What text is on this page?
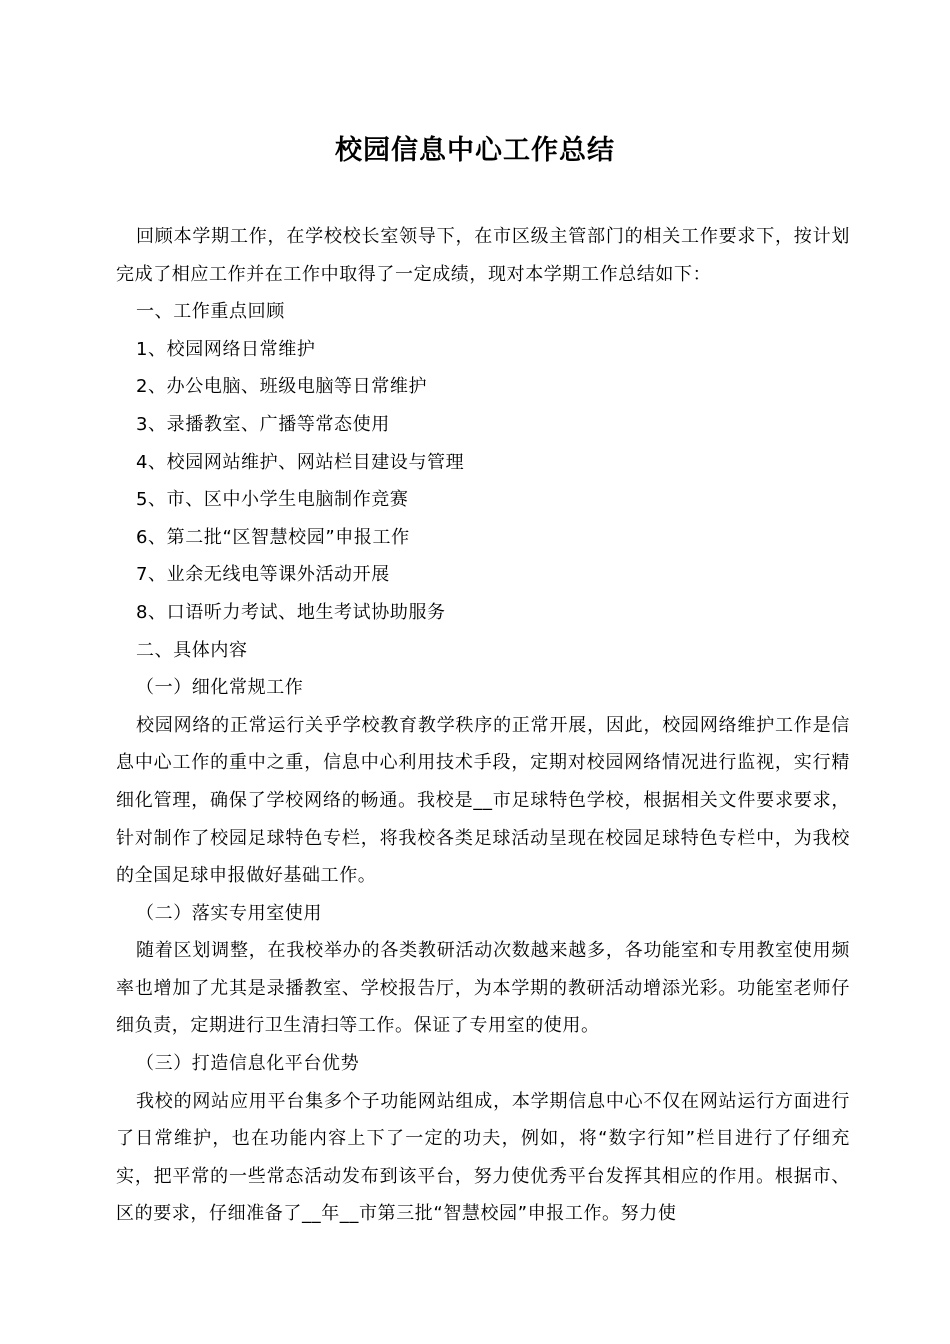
校园信息中心工作总结

回顾本学期工作，在学校校长室领导下，在市区级主管部门的相关工作要求下，按计划完成了相应工作并在工作中取得了一定成绩，现对本学期工作总结如下：

一、工作重点回顾

1、校园网络日常维护

2、办公电脑、班级电脑等日常维护

3、录播教室、广播等常态使用

4、校园网站维护、网站栏目建设与管理

5、市、区中小学生电脑制作竞赛

6、第二批“区智慧校园”申报工作

7、业余无线电等课外活动开展

8、口语听力考试、地生考试协助服务

二、具体内容

（一）细化常规工作

校园网络的正常运行关乎学校教育教学秩序的正常开展，因此，校园网络维护工作是信息中心工作的重中之重，信息中心利用技术手段，定期对校园网络情况进行监视，实行精细化管理，确保了学校网络的畅通。我校是__市足球特色学校，根据相关文件要求要求，针对制作了校园足球特色专栏，将我校各类足球活动呈现在校园足球特色专栏中，为我校的全国足球申报做好基础工作。

（二）落实专用室使用

随着区划调整，在我校举办的各类教研活动次数越来越多，各功能室和专用教室使用频率也增加了尤其是录播教室、学校报告厅，为本学期的教研活动增添光彩。功能室老师仔细负责，定期进行卫生清扫等工作。保证了专用室的使用。

（三）打造信息化平台优势

我校的网站应用平台集多个子功能网站组成，本学期信息中心不仅在网站运行方面进行了日常维护，也在功能内容上下了一定的功夫，例如，将“数字行知”栏目进行了仔细充实，把平常的一些常态活动发布到该平台，努力使优秀平台发挥其相应的作用。根据市、区的要求，仔细准备了__年__市第三批“智慧校园”申报工作。努力使
